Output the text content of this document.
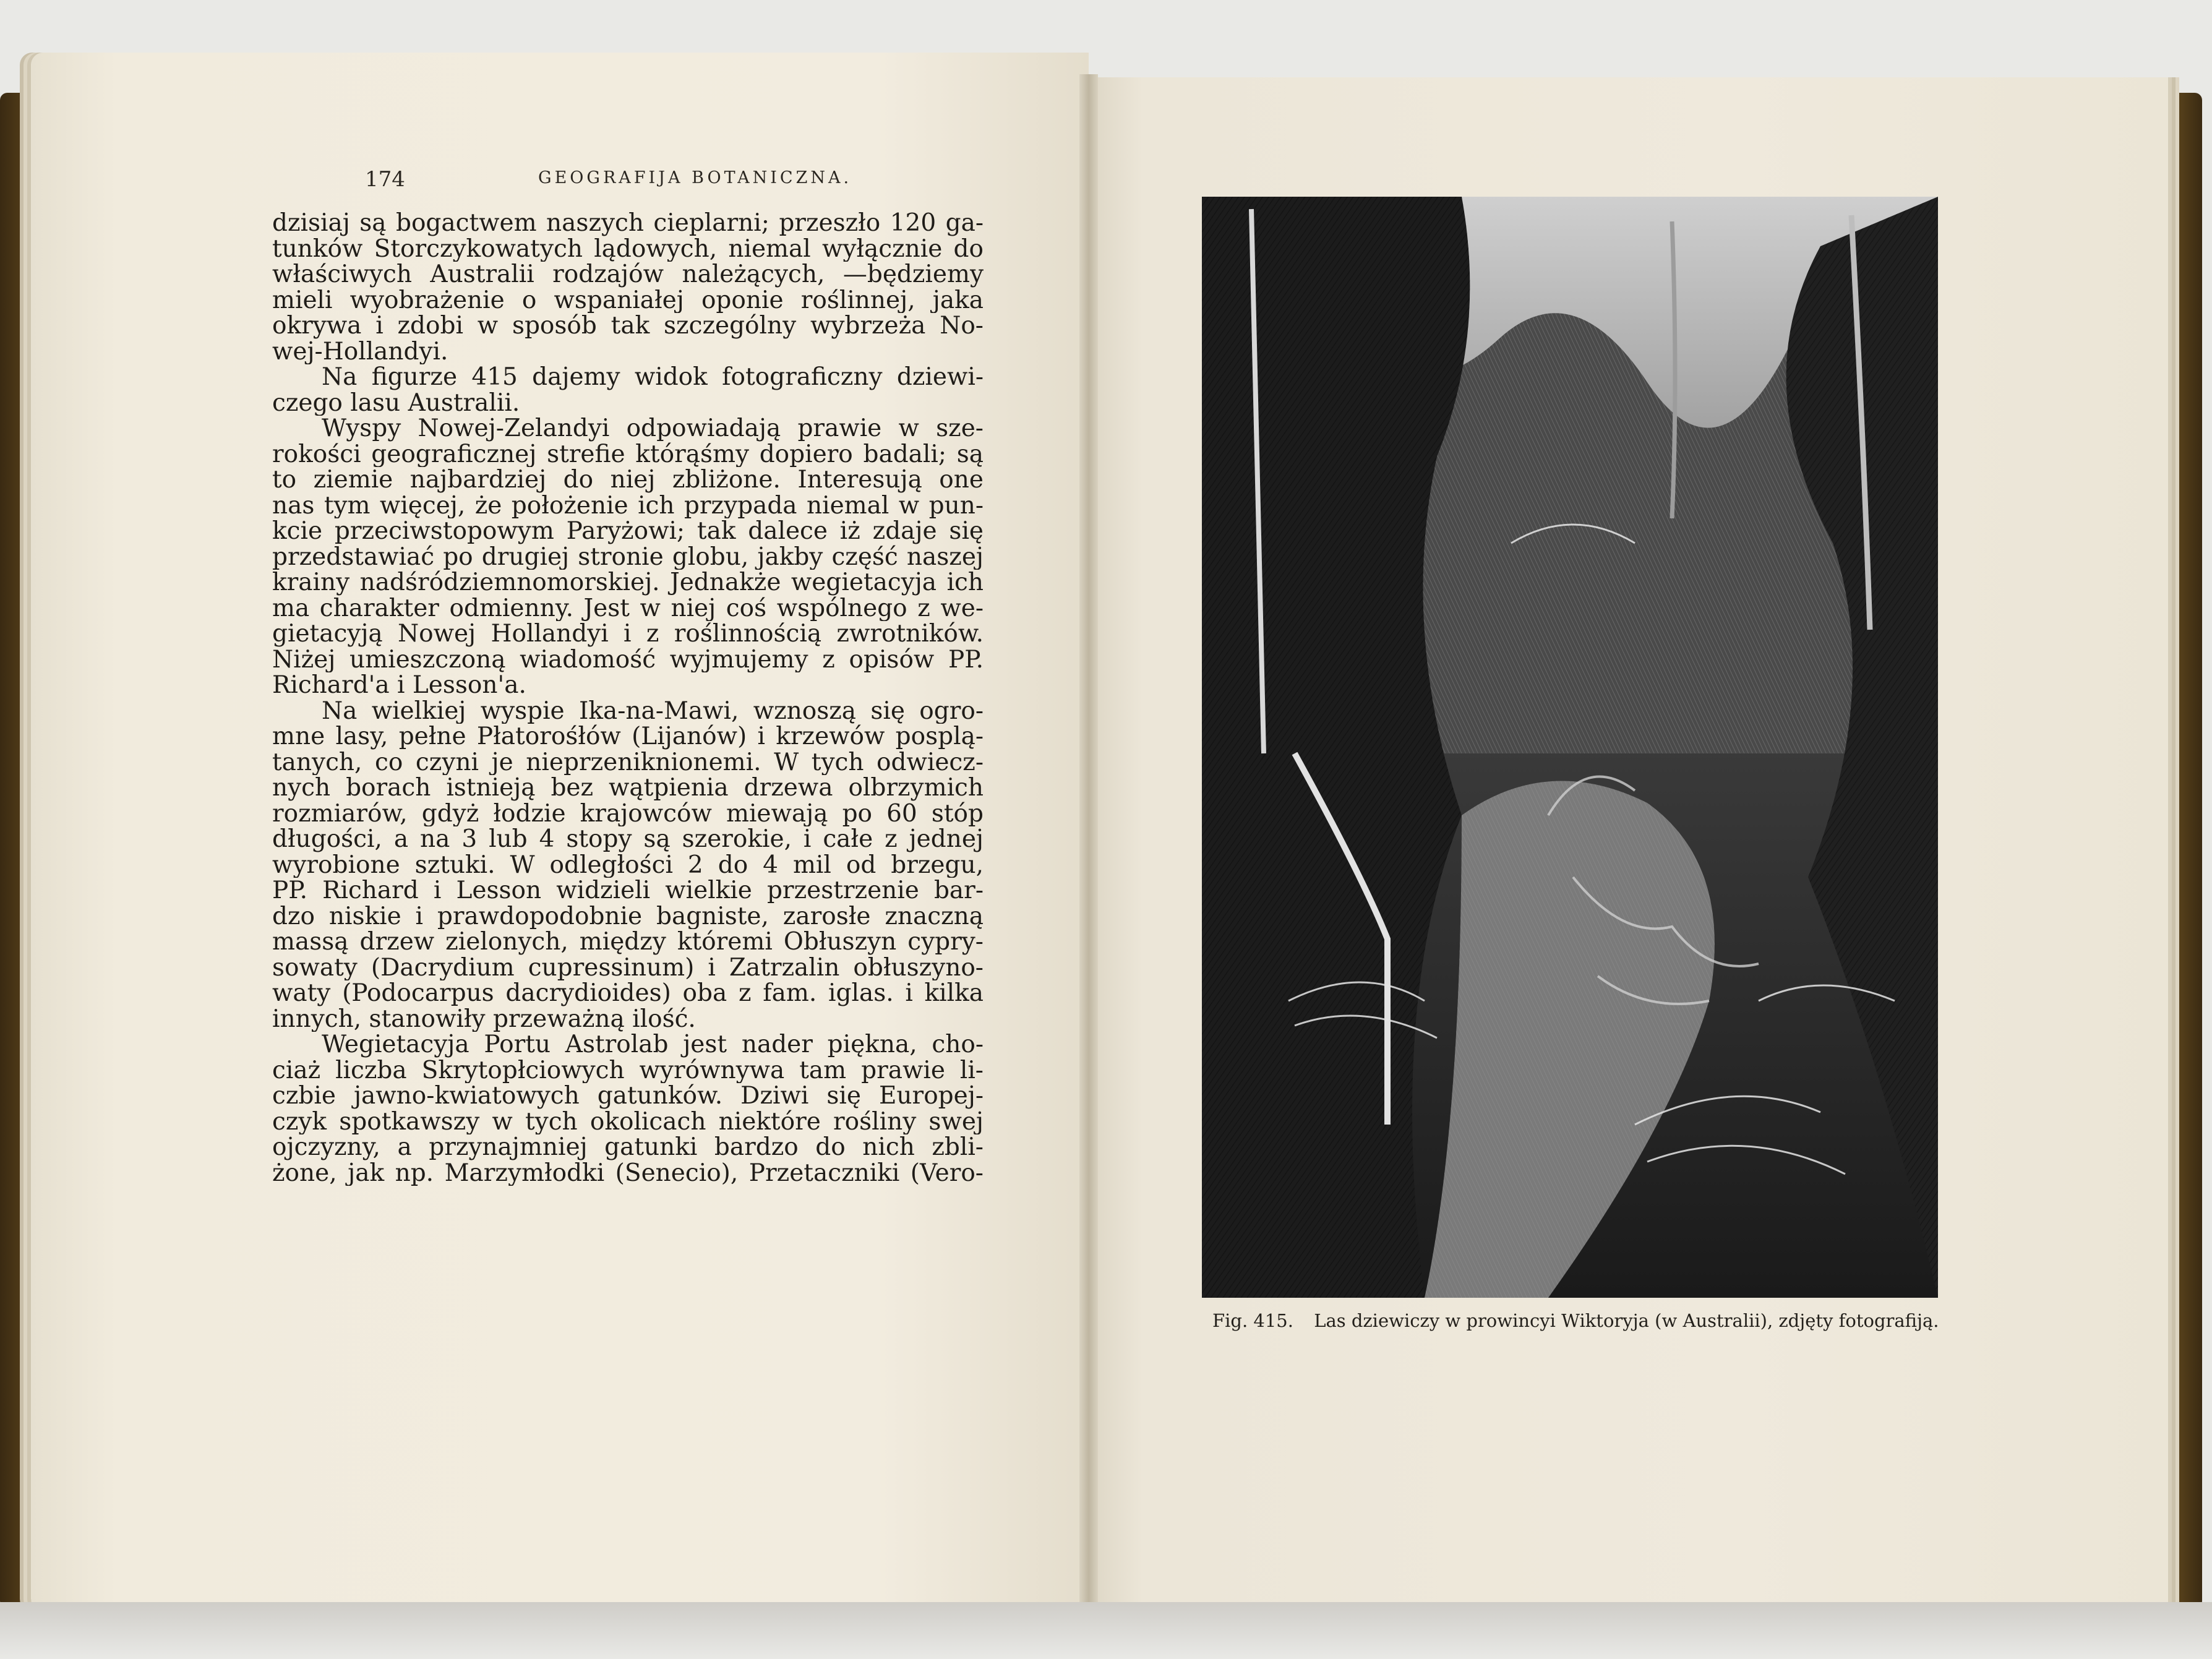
174	GEOGRAFIJA BOTANICZNA.
dzisiaj są bogactwem naszych cieplarni; przeszło 120 ga-
tunków Storczykowatych lądowych, niemal wyłącznie do
właściwych Australii rodzajów należących, —będziemy
mieli wyobrażenie o wspaniałej oponie roślinnej, jaka
okrywa i zdobi w sposób tak szczególny wybrzeża No-
wej-Hollandyi.
Na figurze 415 dajemy widok fotograficzny dziewi-
czego lasu Australii.
Wyspy Nowej-Zelandyi odpowiadają prawie w sze-
rokości geograficznej strefie którąśmy dopiero badali; są
to ziemie najbardziej do niej zbliżone. Interesują one
nas tym więcej, że położenie ich przypada niemal w pun-
kcie przeciwstopowym Paryżowi; tak dalece iż zdaje się
przedstawiać po drugiej stronie globu, jakby część naszej
krainy nadśródziemnomorskiej. Jednakże wegietacyja ich
ma charakter odmienny. Jest w niej coś wspólnego z we-
gietacyją Nowej Hollandyi i z roślinnością zwrotników.
Niżej umieszczoną wiadomość wyjmujemy z opisów PP.
Richard'a i Lesson'a.
Na wielkiej wyspie Ika-na-Mawi, wznoszą się ogro-
mne lasy, pełne Płatorośłów (Lijanów) i krzewów posplą-
tanych, co czyni je nieprzeniknionemi. W tych odwiecz-
nych borach istnieją bez wątpienia drzewa olbrzymich
rozmiarów, gdyż łodzie krajowców miewają po 60 stóp
długości, a na 3 lub 4 stopy są szerokie, i całe z jednej
wyrobione sztuki. W odległości 2 do 4 mil od brzegu,
PP. Richard i Lesson widzieli wielkie przestrzenie bar-
dzo niskie i prawdopodobnie bagniste, zarosłe znaczną
massą drzew zielonych, między któremi Obłuszyn cypry-
sowaty (Dacrydium cupressinum) i Zatrzalin obłuszyno-
waty (Podocarpus dacrydioides) oba z fam. iglas. i kilka
innych, stanowiły przeważną ilość.
Wegietacyja Portu Astrolab jest nader piękna, cho-
ciaż liczba Skrytopłciowych wyrównywa tam prawie li-
czbie jawno-kwiatowych gatunków. Dziwi się Europej-
czyk spotkawszy w tych okolicach niektóre rośliny swej
ojczyzny, a przynajmniej gatunki bardzo do nich zbli-
żone, jak np. Marzymłodki (Senecio), Przetaczniki (Vero-
Fig. 415. Las dziewiczy w prowincyi Wiktoryja (w Australii), zdjęty fotografiją.
